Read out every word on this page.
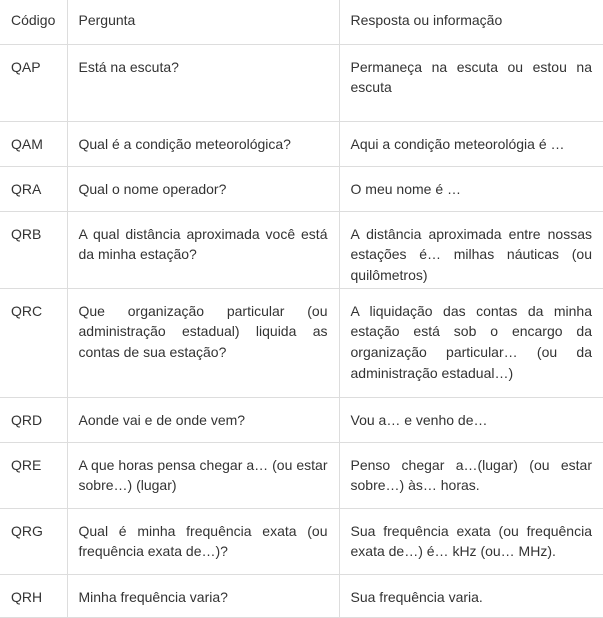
Código	Pergunta	Resposta ou informação
QAP	Está na escuta?	Permaneça na escuta ou estou na escuta
QAM	Qual é a condição meteorológica?	Aqui a condição meteorológia é …
QRA	Qual o nome operador?	O meu nome é …
QRB	A qual distância aproximada você está da minha estação?	A distância aproximada entre nossas estações é… milhas náuticas (ou quilômetros)
QRC	Que organização particular (ou administração estadual) liquida as contas de sua estação?	A liquidação das contas da minha estação está sob o encargo da organização particular… (ou da administração estadual…)
QRD	Aonde vai e de onde vem?	Vou a… e venho de…
QRE	A que horas pensa chegar a… (ou estar sobre…) (lugar)	Penso chegar a…(lugar) (ou estar sobre…) às… horas.
QRG	Qual é minha frequência exata (ou frequência exata de…)?	Sua frequência exata (ou frequência exata de…) é… kHz (ou… MHz).
QRH	Minha frequência varia?	Sua frequência varia.
